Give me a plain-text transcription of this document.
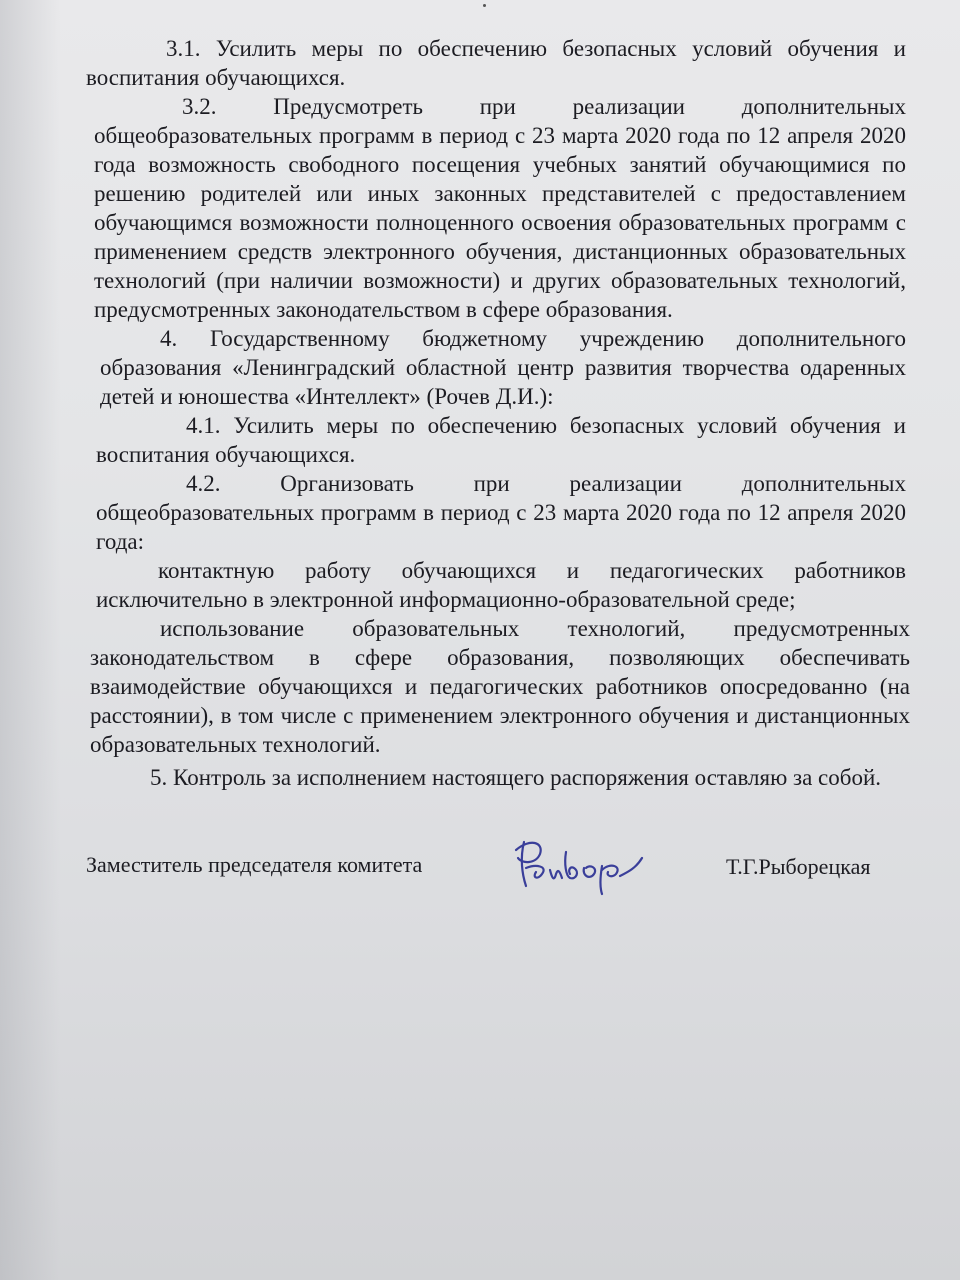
3.1. Усилить меры по обеспечению безопасных условий обучения и воспитания обучающихся.

3.2. Предусмотреть при реализации дополнительных общеобразовательных программ в период с 23 марта 2020 года по 12 апреля 2020 года возможность свободного посещения учебных занятий обучающимися по решению родителей или иных законных представителей с предоставлением обучающимся возможности полноценного освоения образовательных программ с применением средств электронного обучения, дистанционных образовательных технологий (при наличии возможности) и других образовательных технологий, предусмотренных законодательством в сфере образования.

4. Государственному бюджетному учреждению дополнительного образования «Ленинградский областной центр развития творчества одаренных детей и юношества «Интеллект» (Рочев Д.И.):

4.1. Усилить меры по обеспечению безопасных условий обучения и воспитания обучающихся.

4.2. Организовать при реализации дополнительных общеобразовательных программ в период с 23 марта 2020 года по 12 апреля 2020 года:

контактную работу обучающихся и педагогических работников исключительно в электронной информационно-образовательной среде;

использование образовательных технологий, предусмотренных законодательством в сфере образования, позволяющих обеспечивать взаимодействие обучающихся и педагогических работников опосредованно (на расстоянии), в том числе с применением электронного обучения и дистанционных образовательных технологий.

5. Контроль за исполнением настоящего распоряжения оставляю за собой.

Заместитель председателя комитета	Т.Г.Рыборецкая
